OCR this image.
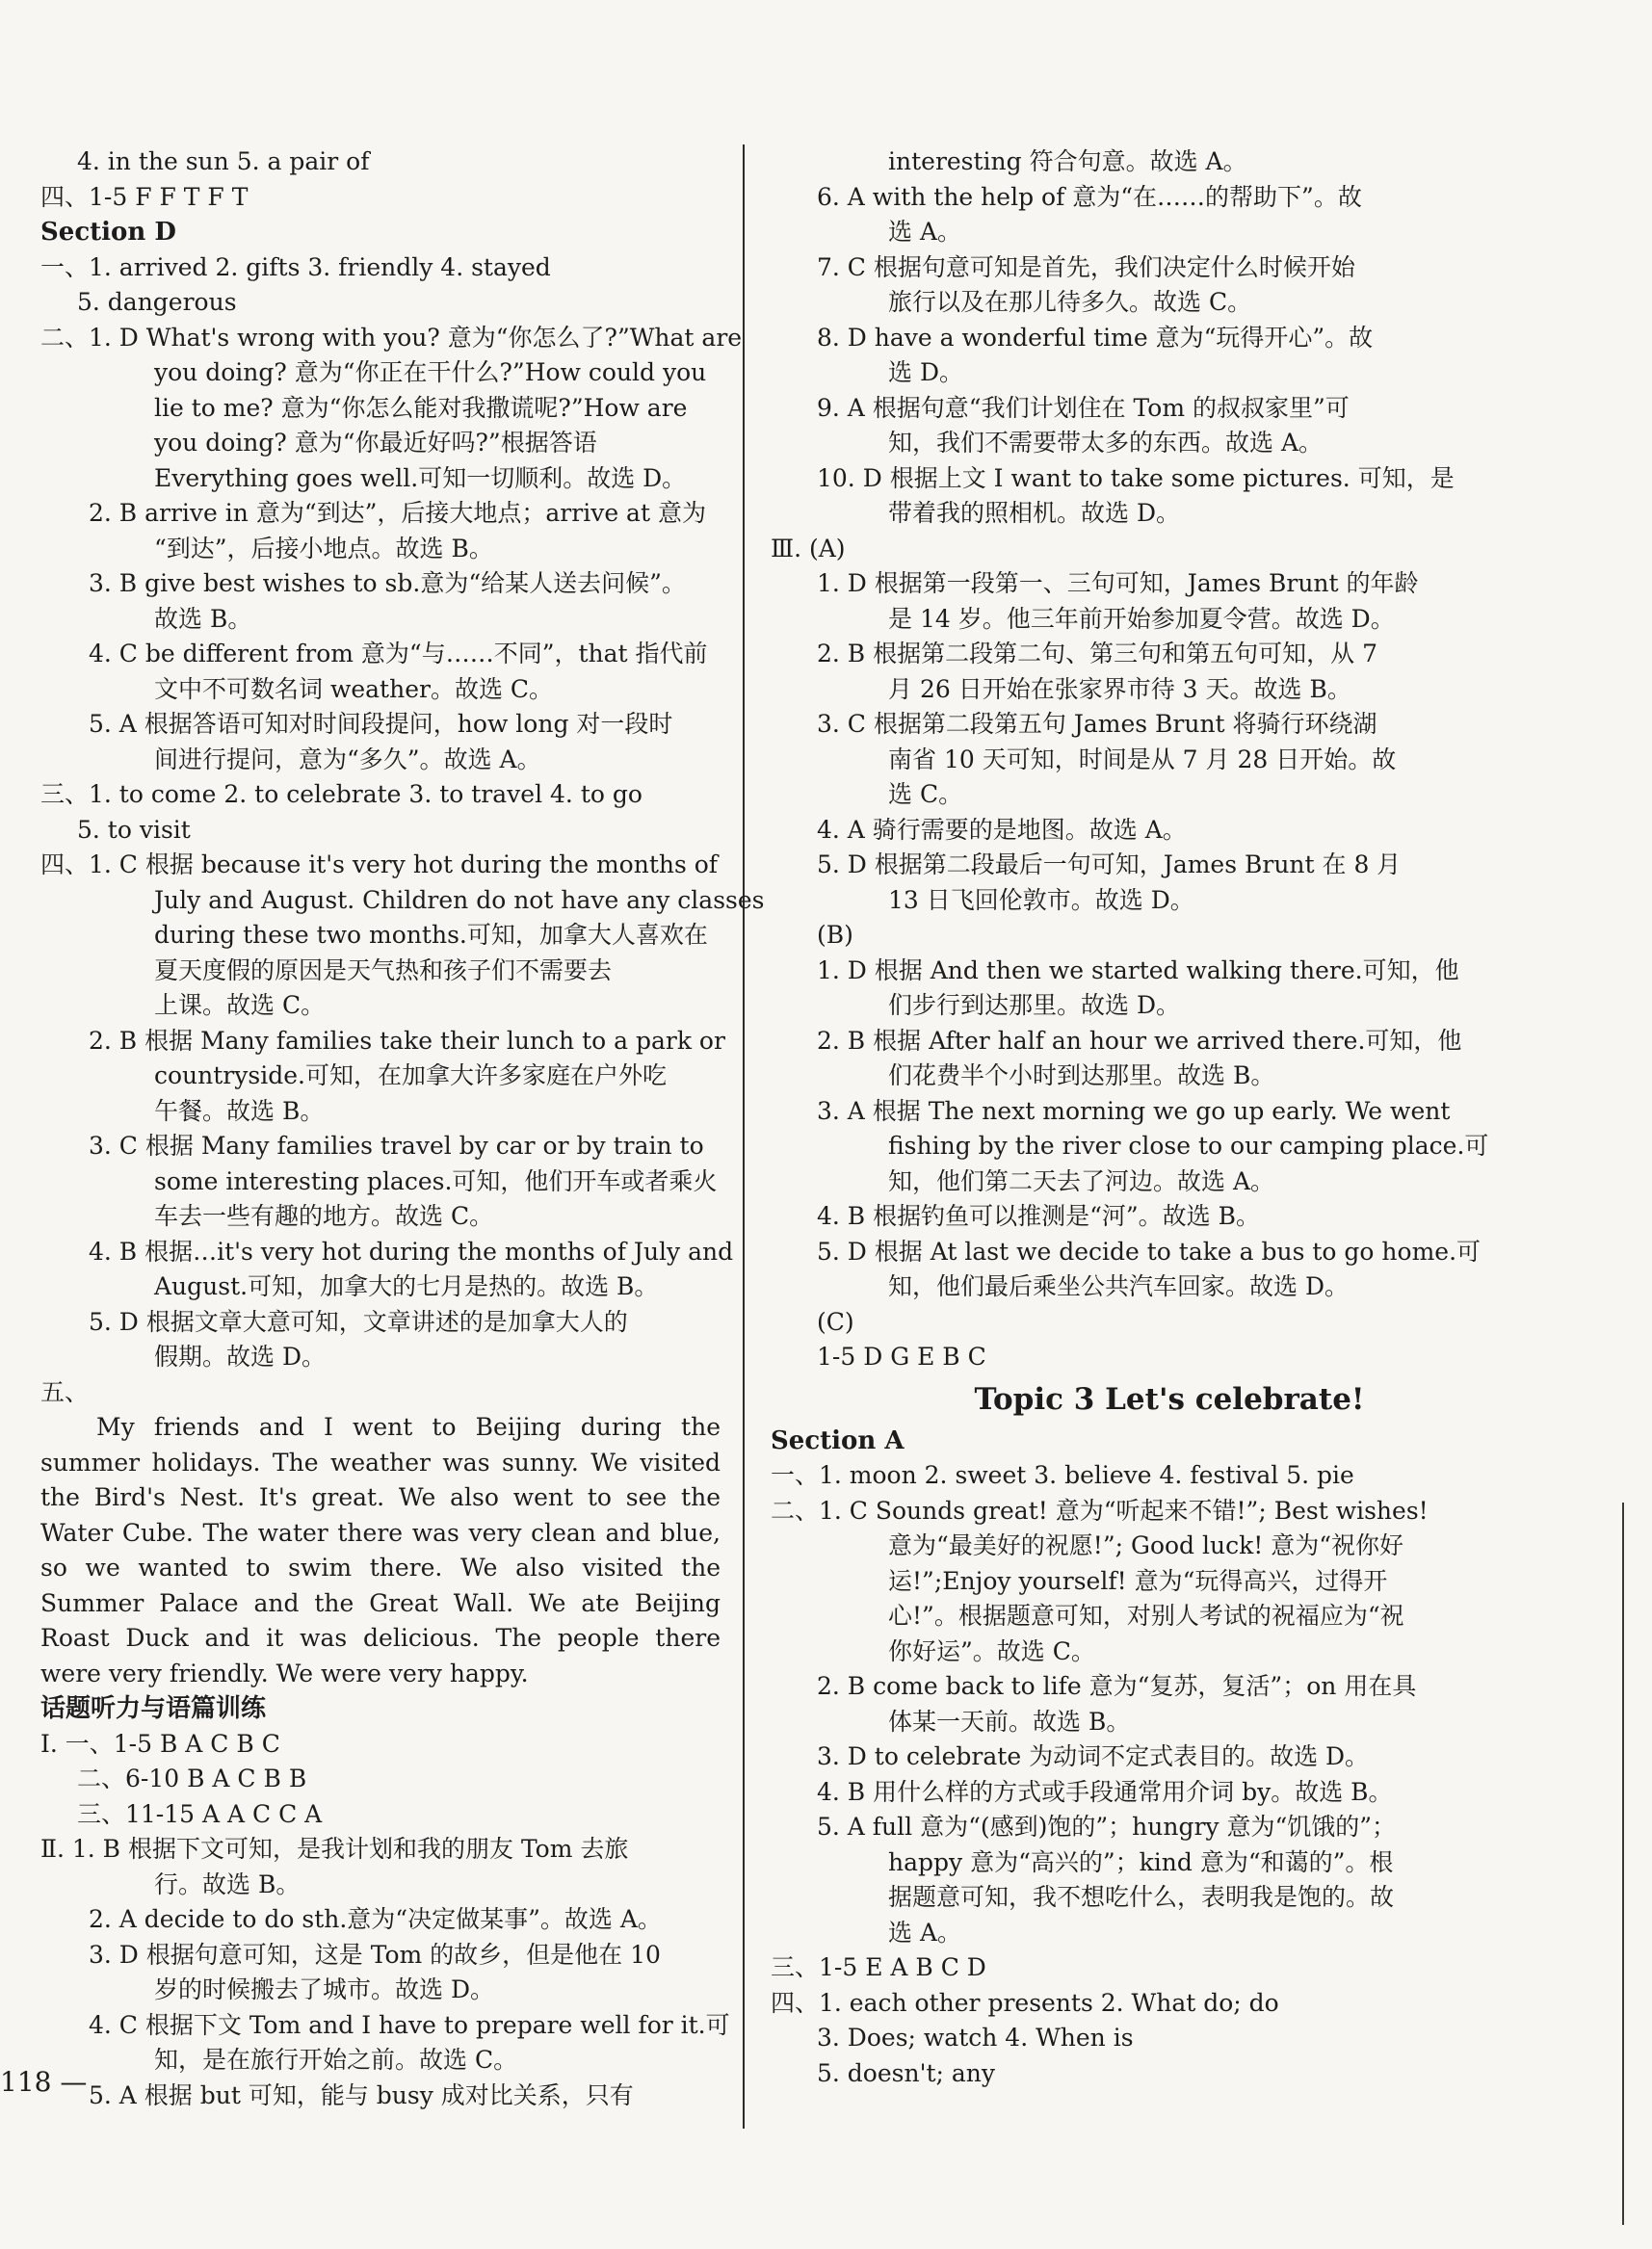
4. in the sun 5. a pair of
四、1-5 F F T F T
Section D
一、1. arrived 2. gifts 3. friendly 4. stayed
5. dangerous
二、1. D What's wrong with you? 意为“你怎么了?”What are
you doing? 意为“你正在干什么?”How could you
lie to me? 意为“你怎么能对我撒谎呢?”How are
you doing? 意为“你最近好吗?”根据答语
Everything goes well.可知一切顺利。故选 D。
2. B arrive in 意为“到达”，后接大地点；arrive at 意为
“到达”，后接小地点。故选 B。
3. B give best wishes to sb.意为“给某人送去问候”。
故选 B。
4. C be different from 意为“与……不同”，that 指代前
文中不可数名词 weather。故选 C。
5. A 根据答语可知对时间段提问，how long 对一段时
间进行提问，意为“多久”。故选 A。
三、1. to come 2. to celebrate 3. to travel 4. to go
5. to visit
四、1. C 根据 because it's very hot during the months of
July and August. Children do not have any classes
during these two months.可知，加拿大人喜欢在
夏天度假的原因是天气热和孩子们不需要去
上课。故选 C。
2. B 根据 Many families take their lunch to a park or
countryside.可知，在加拿大许多家庭在户外吃
午餐。故选 B。
3. C 根据 Many families travel by car or by train to
some interesting places.可知，他们开车或者乘火
车去一些有趣的地方。故选 C。
4. B 根据…it's very hot during the months of July and
August.可知，加拿大的七月是热的。故选 B。
5. D 根据文章大意可知，文章讲述的是加拿大人的
假期。故选 D。
五、
My friends and I went to Beijing during the summer holidays. The weather was sunny. We visited the Bird's Nest. It's great. We also went to see the Water Cube. The water there was very clean and blue, so we wanted to swim there. We also visited the Summer Palace and the Great Wall. We ate Beijing Roast Duck and it was delicious. The people there were very friendly. We were very happy.
话题听力与语篇训练
Ⅰ. 一、1-5 B A C B C
二、6-10 B A C B B
三、11-15 A A C C A
Ⅱ. 1. B 根据下文可知，是我计划和我的朋友 Tom 去旅
行。故选 B。
2. A decide to do sth.意为“决定做某事”。故选 A。
3. D 根据句意可知，这是 Tom 的故乡，但是他在 10
岁的时候搬去了城市。故选 D。
4. C 根据下文 Tom and I have to prepare well for it.可
知，是在旅行开始之前。故选 C。
5. A 根据 but 可知，能与 busy 成对比关系，只有
interesting 符合句意。故选 A。
6. A with the help of 意为“在……的帮助下”。故
选 A。
7. C 根据句意可知是首先，我们决定什么时候开始
旅行以及在那儿待多久。故选 C。
8. D have a wonderful time 意为“玩得开心”。故
选 D。
9. A 根据句意“我们计划住在 Tom 的叔叔家里”可
知，我们不需要带太多的东西。故选 A。
10. D 根据上文 I want to take some pictures. 可知，是
带着我的照相机。故选 D。
Ⅲ. (A)
1. D 根据第一段第一、三句可知，James Brunt 的年龄
是 14 岁。他三年前开始参加夏令营。故选 D。
2. B 根据第二段第二句、第三句和第五句可知，从 7
月 26 日开始在张家界市待 3 天。故选 B。
3. C 根据第二段第五句 James Brunt 将骑行环绕湖
南省 10 天可知，时间是从 7 月 28 日开始。故
选 C。
4. A 骑行需要的是地图。故选 A。
5. D 根据第二段最后一句可知，James Brunt 在 8 月
13 日飞回伦敦市。故选 D。
(B)
1. D 根据 And then we started walking there.可知，他
们步行到达那里。故选 D。
2. B 根据 After half an hour we arrived there.可知，他
们花费半个小时到达那里。故选 B。
3. A 根据 The next morning we go up early. We went
fishing by the river close to our camping place.可
知，他们第二天去了河边。故选 A。
4. B 根据钓鱼可以推测是“河”。故选 B。
5. D 根据 At last we decide to take a bus to go home.可
知，他们最后乘坐公共汽车回家。故选 D。
(C)
1-5 D G E B C
Topic 3 Let's celebrate!
Section A
一、1. moon 2. sweet 3. believe 4. festival 5. pie
二、1. C Sounds great! 意为“听起来不错!”; Best wishes!
意为“最美好的祝愿!”; Good luck! 意为“祝你好
运!”;Enjoy yourself! 意为“玩得高兴，过得开
心!”。根据题意可知，对别人考试的祝福应为“祝
你好运”。故选 C。
2. B come back to life 意为“复苏，复活”；on 用在具
体某一天前。故选 B。
3. D to celebrate 为动词不定式表目的。故选 D。
4. B 用什么样的方式或手段通常用介词 by。故选 B。
5. A full 意为“(感到)饱的”；hungry 意为“饥饿的”；
happy 意为“高兴的”；kind 意为“和蔼的”。根
据题意可知，我不想吃什么，表明我是饱的。故
选 A。
三、1-5 E A B C D
四、1. each other presents 2. What do; do
3. Does; watch 4. When is
5. doesn't; any
118 —
